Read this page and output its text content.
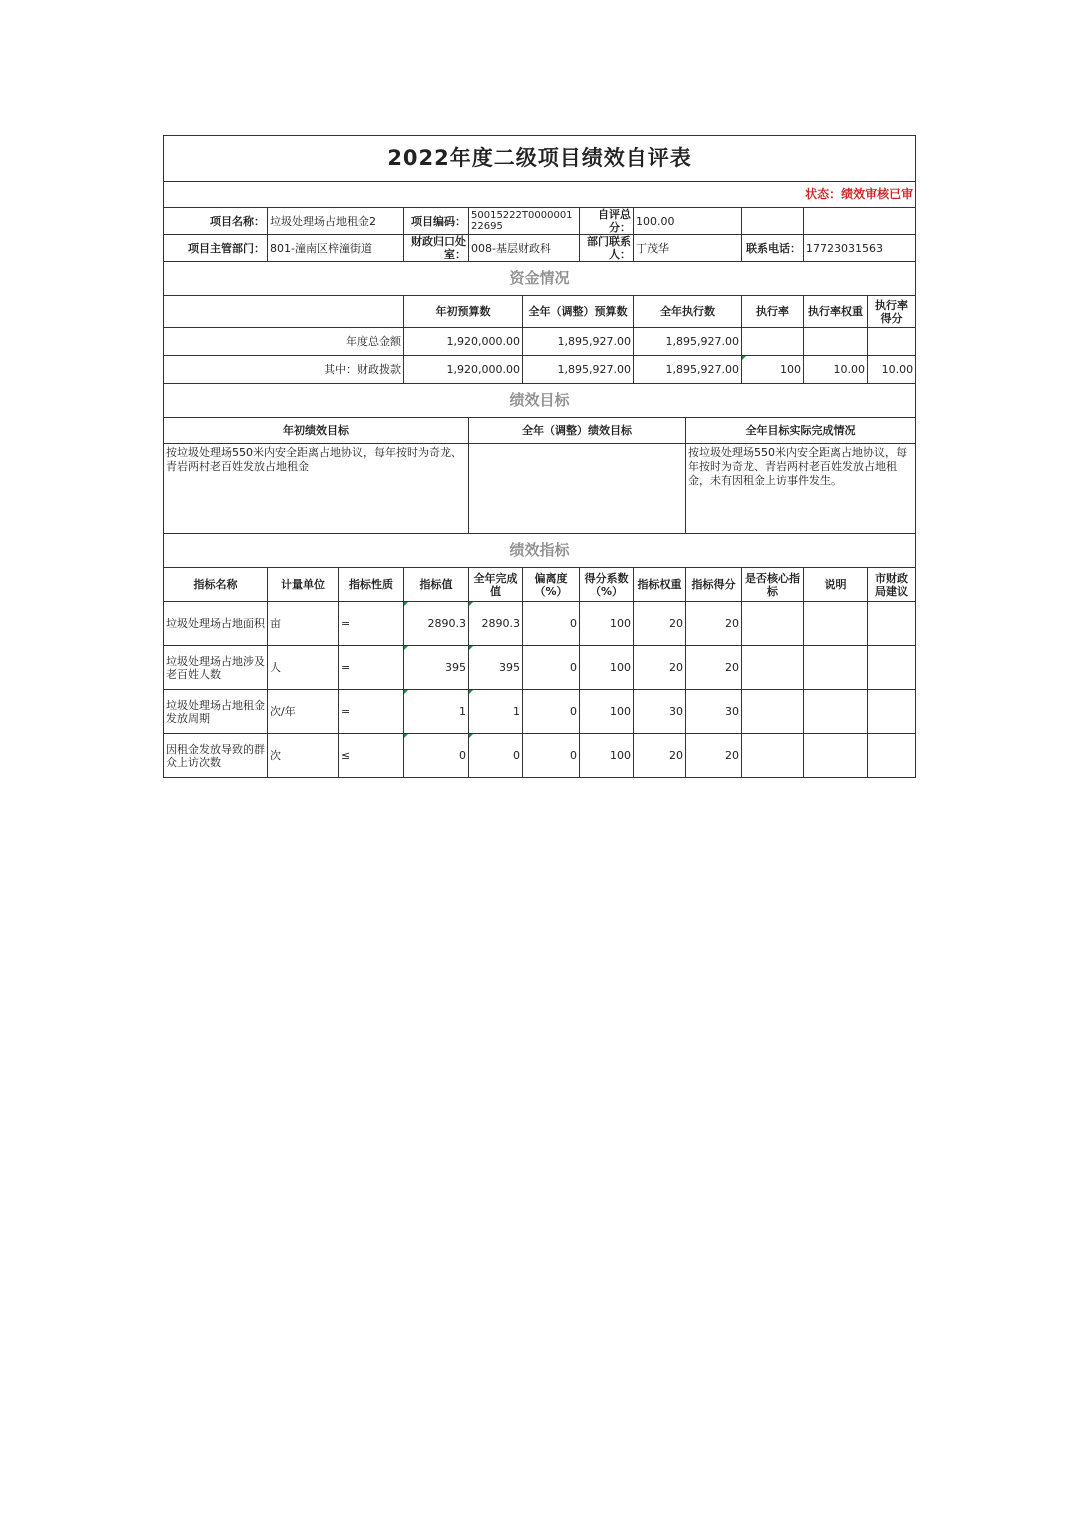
2022年度二级项目绩效自评表											
状态：绩效审核已审											
项目名称：	垃圾处理场占地租金2		项目编码：	50015222T000000122695		自评总分：	100.00				
项目主管部门：	801-潼南区梓潼街道		财政归口处室：	008-基层财政科		部门联系人：	丁茂华		联系电话：	17723031563	
资金情况											
			年初预算数		全年（调整）预算数		全年执行数		执行率	执行率权重	执行率得分
年度总金额			1,920,000.00		1,895,927.00		1,895,927.00				
其中：财政拨款			1,920,000.00		1,895,927.00		1,895,927.00		100	10.00	10.00
绩效目标											
年初绩效目标				全年（调整）绩效目标				全年目标实际完成情况			
按垃圾处理场550米内安全距离占地协议，每年按时为奇龙、青岩两村老百姓发放占地租金								按垃圾处理场550米内安全距离占地协议，每年按时为奇龙、青岩两村老百姓发放占地租金，未有因租金上访事件发生。			
绩效指标											
指标名称	计量单位	指标性质	指标值	全年完成值	偏离度（%）	得分系数（%）	指标权重	指标得分	是否核心指标	说明	市财政局建议
垃圾处理场占地面积	亩	=	2890.3	2890.3	0	100	20	20			
垃圾处理场占地涉及老百姓人数	人	=	395	395	0	100	20	20			
垃圾处理场占地租金发放周期	次/年	=	1	1	0	100	30	30			
因租金发放导致的群众上访次数	次	≤	0	0	0	100	20	20			
